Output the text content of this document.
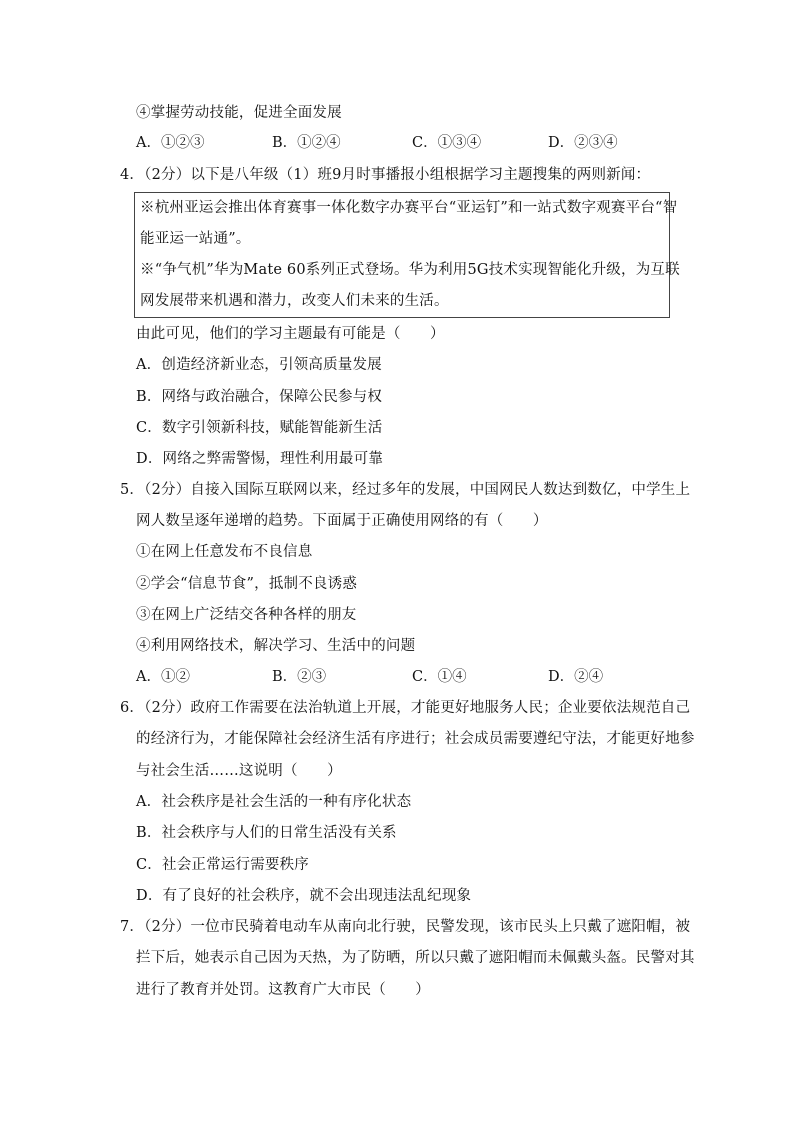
④掌握劳动技能，促进全面发展
A．①②③	B．①②④	C．①③④	D．②③④
4．（2分）以下是八年级（1）班9月时事播报小组根据学习主题搜集的两则新闻：
※杭州亚运会推出体育赛事一体化数字办赛平台“亚运钉”和一站式数字观赛平台“智
能亚运一站通”。
※“争气机”华为Mate 60系列正式登场。华为利用5G技术实现智能化升级，为互联
网发展带来机遇和潜力，改变人们未来的生活。
由此可见，他们的学习主题最有可能是（　　）
A．创造经济新业态，引领高质量发展
B．网络与政治融合，保障公民参与权
C．数字引领新科技，赋能智能新生活
D．网络之弊需警惕，理性利用最可靠
5．（2分）自接入国际互联网以来，经过多年的发展，中国网民人数达到数亿，中学生上
网人数呈逐年递增的趋势。下面属于正确使用网络的有（　　）
①在网上任意发布不良信息
②学会“信息节食”，抵制不良诱惑
③在网上广泛结交各种各样的朋友
④利用网络技术，解决学习、生活中的问题
A．①②	B．②③	C．①④	D．②④
6．（2分）政府工作需要在法治轨道上开展，才能更好地服务人民；企业要依法规范自己
的经济行为，才能保障社会经济生活有序进行；社会成员需要遵纪守法，才能更好地参
与社会生活……这说明（　　）
A．社会秩序是社会生活的一种有序化状态
B．社会秩序与人们的日常生活没有关系
C．社会正常运行需要秩序
D．有了良好的社会秩序，就不会出现违法乱纪现象
7．（2分）一位市民骑着电动车从南向北行驶，民警发现，该市民头上只戴了遮阳帽，被
拦下后，她表示自己因为天热，为了防晒，所以只戴了遮阳帽而未佩戴头盔。民警对其
进行了教育并处罚。这教育广大市民（　　）
